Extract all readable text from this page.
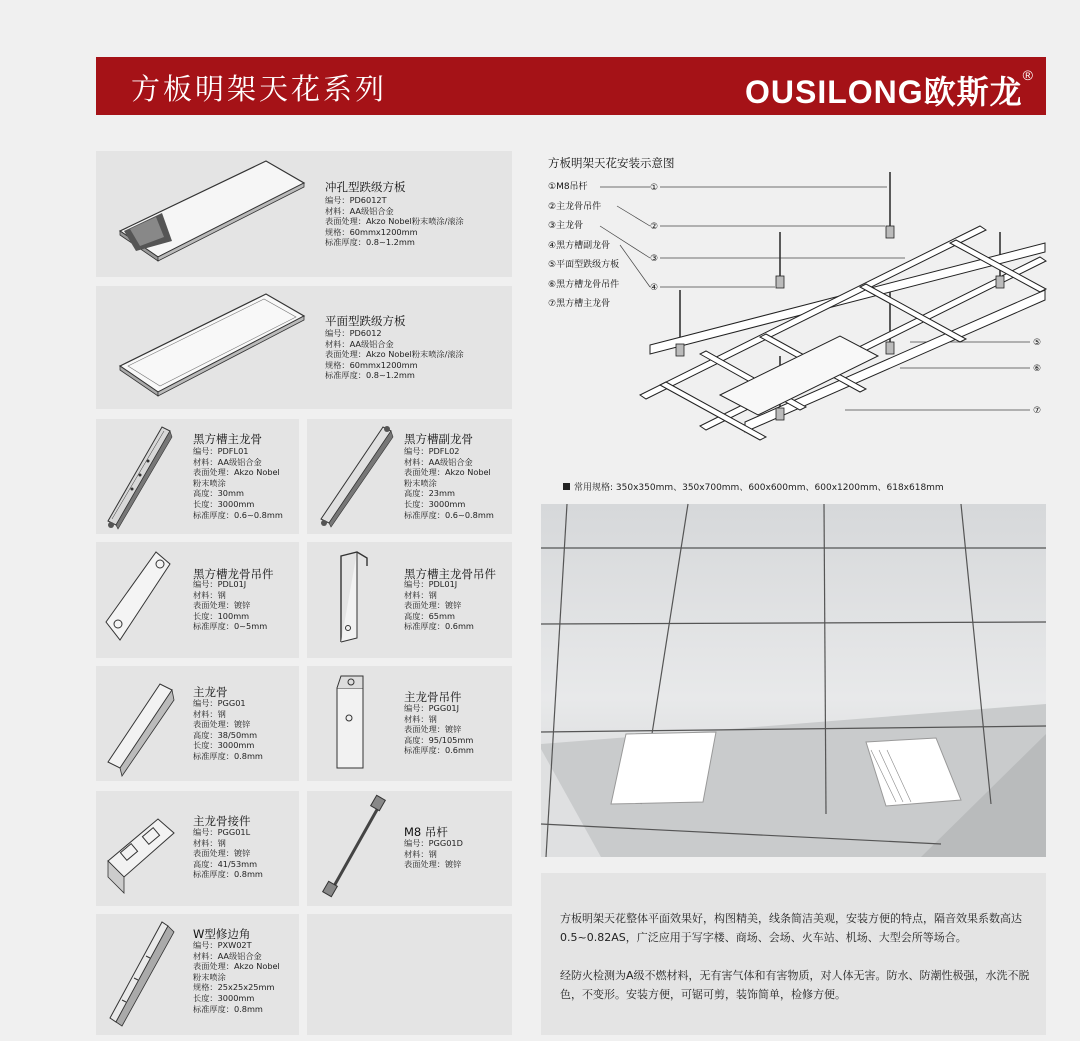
方板明架天花系列	OUSILONG欧斯龙®
冲孔型跌级方板
编号：PD6012T
材料：AA级铝合金
表面处理：Akzo Nobel粉末喷涂/滚涂
规格：60mmx1200mm
标准厚度：0.8~1.2mm
平面型跌级方板
编号：PD6012
材料：AA级铝合金
表面处理：Akzo Nobel粉末喷涂/滚涂
规格：60mmx1200mm
标准厚度：0.8~1.2mm
黑方槽主龙骨
编号：PDFL01
材料：AA级铝合金
表面处理：Akzo Nobel
粉末喷涂
高度：30mm
长度：3000mm
标准厚度：0.6~0.8mm
黑方槽副龙骨
编号：PDFL02
材料：AA级铝合金
表面处理：Akzo Nobel
粉末喷涂
高度：23mm
长度：3000mm
标准厚度：0.6~0.8mm
黑方槽龙骨吊件
编号：PDL01J
材料：钢
表面处理：镀锌
长度：100mm
标准厚度：0~5mm
黑方槽主龙骨吊件
编号：PDL01J
材料：钢
表面处理：镀锌
高度：65mm
标准厚度：0.6mm
主龙骨
编号：PGG01
材料：钢
表面处理：镀锌
高度：38/50mm
长度：3000mm
标准厚度：0.8mm
主龙骨吊件
编号：PGG01J
材料：钢
表面处理：镀锌
高度：95/105mm
标准厚度：0.6mm
主龙骨接件
编号：PGG01L
材料：钢
表面处理：镀锌
高度：41/53mm
标准厚度：0.8mm
M8 吊杆
编号：PGG01D
材料：钢
表面处理：镀锌
W型修边角
编号：PXW02T
材料：AA级铝合金
表面处理：Akzo Nobel
粉末喷涂
规格：25x25x25mm
长度：3000mm
标准厚度：0.8mm
方板明架天花安装示意图
①M8吊杆
②主龙骨吊件
③主龙骨
④黑方槽副龙骨
⑤平面型跌级方板
⑥黑方槽龙骨吊件
⑦黑方槽主龙骨
①
②
③
④
⑤
⑥
⑦
常用规格: 350x350mm、350x700mm、600x600mm、600x1200mm、618x618mm

方板明架天花整体平面效果好，构图精美，线条简洁美观，安装方便的特点，隔音效果系数高达0.5~0.82AS，广泛应用于写字楼、商场、会场、火车站、机场、大型会所等场合。

经防火检测为A级不燃材料，无有害气体和有害物质，对人体无害。防水、防潮性极强，水洗不脱色，不变形。安装方便，可锯可剪，装饰简单，检修方便。
